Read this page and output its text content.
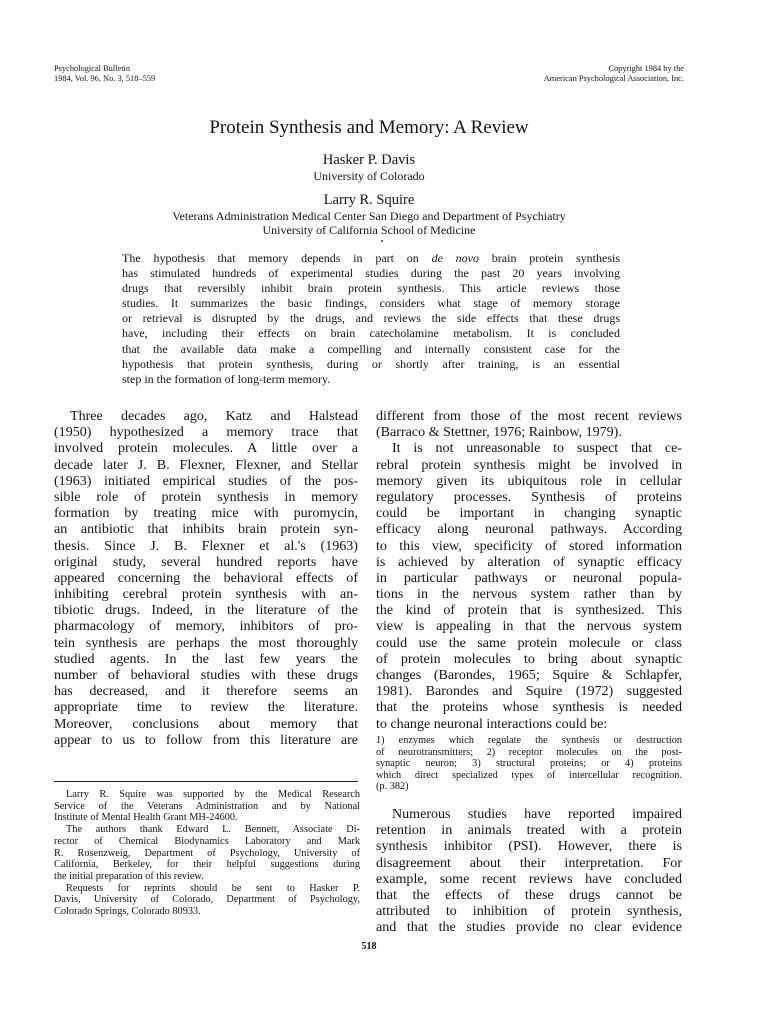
Psychological Bulletin
1984, Vol. 96, No. 3, 518–559
Copyright 1984 by the
American Psychological Association, Inc.
Protein Synthesis and Memory: A Review
Hasker P. Davis
University of Colorado
Larry R. Squire
Veterans Administration Medical Center San Diego and Department of Psychiatry
University of California School of Medicine
The hypothesis that memory depends in part on de novo brain protein synthesis
has stimulated hundreds of experimental studies during the past 20 years involving
drugs that reversibly inhibit brain protein synthesis. This article reviews those
studies. It summarizes the basic findings, considers what stage of memory storage
or retrieval is disrupted by the drugs, and reviews the side effects that these drugs
have, including their effects on brain catecholamine metabolism. It is concluded
that the available data make a compelling and internally consistent case for the
hypothesis that protein synthesis, during or shortly after training, is an essential
step in the formation of long-term memory.
Three decades ago, Katz and Halstead
(1950) hypothesized a memory trace that
involved protein molecules. A little over a
decade later J. B. Flexner, Flexner, and Stellar
(1963) initiated empirical studies of the pos-
sible role of protein synthesis in memory
formation by treating mice with puromycin,
an antibiotic that inhibits brain protein syn-
thesis. Since J. B. Flexner et al.'s (1963)
original study, several hundred reports have
appeared concerning the behavioral effects of
inhibiting cerebral protein synthesis with an-
tibiotic drugs. Indeed, in the literature of the
pharmacology of memory, inhibitors of pro-
tein synthesis are perhaps the most thoroughly
studied agents. In the last few years the
number of behavioral studies with these drugs
has decreased, and it therefore seems an
appropriate time to review the literature.
Moreover, conclusions about memory that
appear to us to follow from this literature are
different from those of the most recent reviews
(Barraco & Stettner, 1976; Rainbow, 1979).
It is not unreasonable to suspect that ce-
rebral protein synthesis might be involved in
memory given its ubiquitous role in cellular
regulatory processes. Synthesis of proteins
could be important in changing synaptic
efficacy along neuronal pathways. According
to this view, specificity of stored information
is achieved by alteration of synaptic efficacy
in particular pathways or neuronal popula-
tions in the nervous system rather than by
the kind of protein that is synthesized. This
view is appealing in that the nervous system
could use the same protein molecule or class
of protein molecules to bring about synaptic
changes (Barondes, 1965; Squire & Schlapfer,
1981). Barondes and Squire (1972) suggested
that the proteins whose synthesis is needed
to change neuronal interactions could be:
1) enzymes which regulate the synthesis or destruction
of neurotransmitters; 2) receptor molecules on the post-
synaptic neuron; 3) structural proteins; or 4) proteins
which direct specialized types of intercellular recognition.
(p. 382)
Numerous studies have reported impaired
retention in animals treated with a protein
synthesis inhibitor (PSI). However, there is
disagreement about their interpretation. For
example, some recent reviews have concluded
that the effects of these drugs cannot be
attributed to inhibition of protein synthesis,
and that the studies provide no clear evidence
Larry R. Squire was supported by the Medical Research
Service of the Veterans Administration and by National
Institute of Mental Health Grant MH-24600.
The authors thank Edward L. Bennett, Associate Di-
rector of Chemical Biodynamics Laboratory and Mark
R. Rosenzweig, Department of Psychology, University of
California, Berkeley, for their helpful suggestions during
the initial preparation of this review.
Requests for reprints should be sent to Hasker P.
Davis, University of Colorado, Department of Psychology,
Colorado Springs, Colorado 80933.
518
